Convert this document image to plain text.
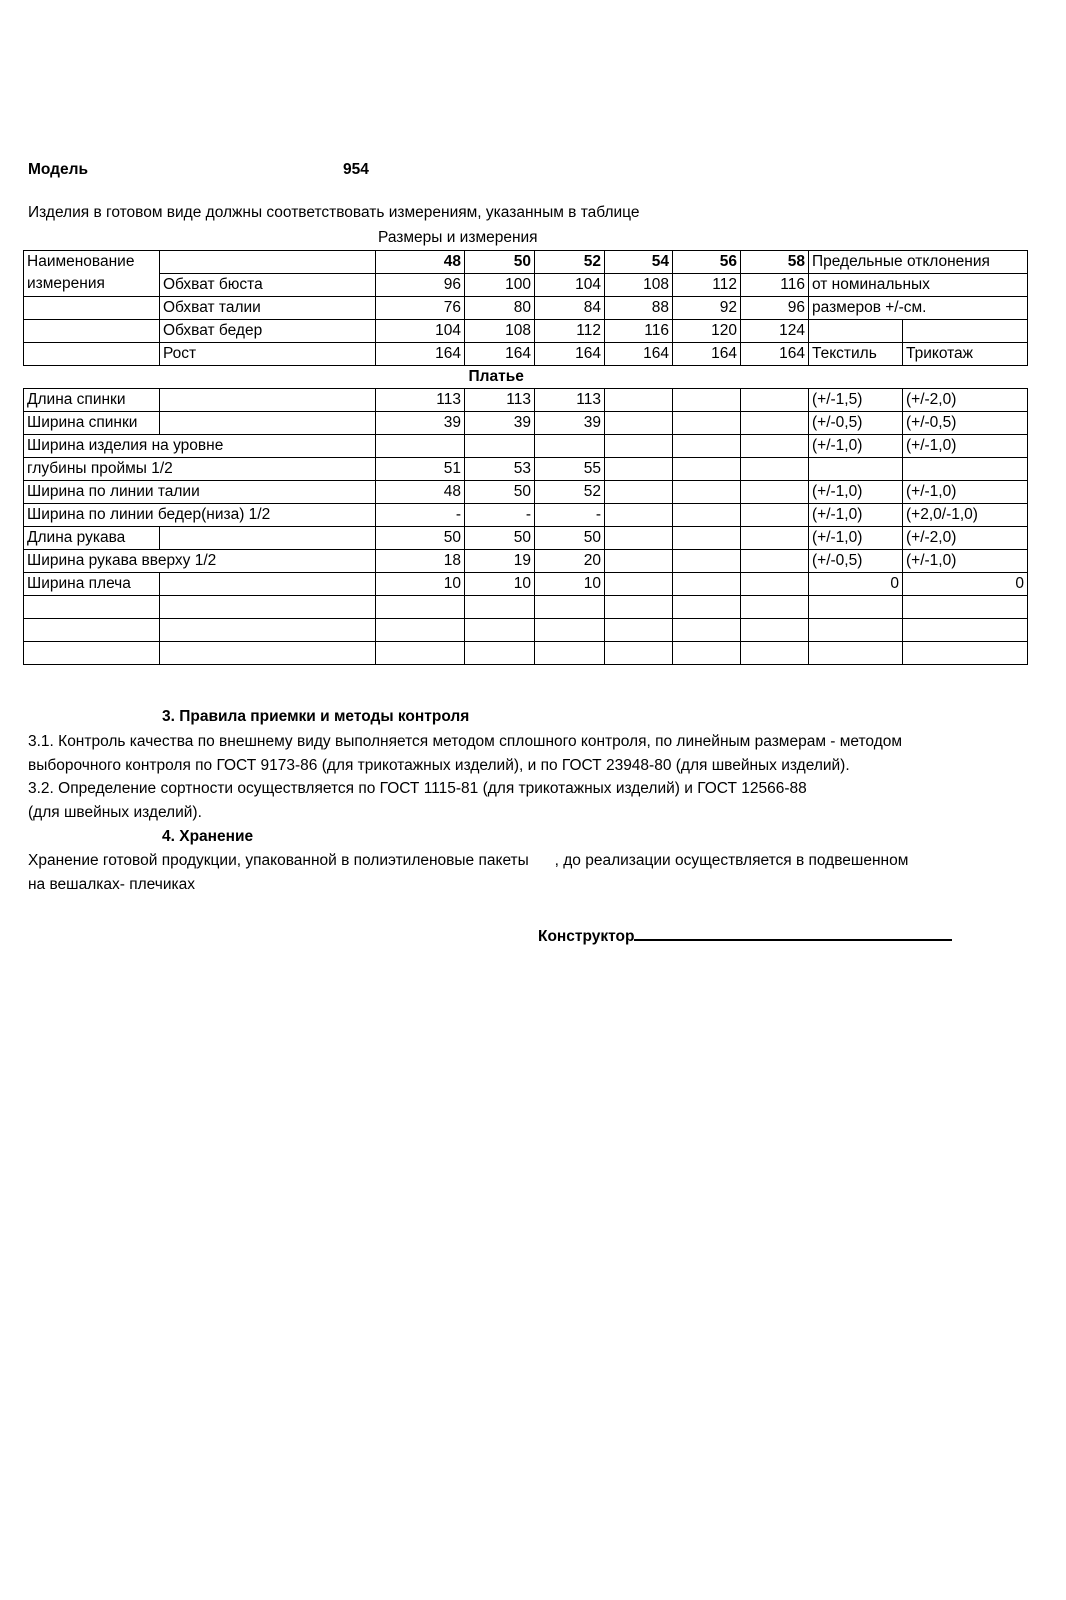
Модель	954
Изделия в готовом виде должны соответствовать измерениям, указанным в таблице

Наименование		48	50	52	54	56	58	Предельные отклонения	
измерения	Обхват бюста	96	100	104	108	112	116	от номинальных	
	Обхват талии	76	80	84	88	92	96	размеров +/-см.	
	Обхват бедер	104	108	112	116	120	124		
	Рост	164	164	164	164	164	164	Текстиль	Трикотаж
Платье									
Длина спинки		113	113	113				(+/-1,5)	(+/-2,0)
Ширина спинки		39	39	39				(+/-0,5)	(+/-0,5)
Ширина изделия на уровне								(+/-1,0)	(+/-1,0)
глубины проймы 1/2		51	53	55					
Ширина по линии талии		48	50	52				(+/-1,0)	(+/-1,0)
Ширина по линии бедер(низа) 1/2		-	-	-				(+/-1,0)	(+2,0/-1,0)
Длина рукава		50	50	50				(+/-1,0)	(+/-2,0)
Ширина рукава вверху 1/2		18	19	20				(+/-0,5)	(+/-1,0)
Ширина плеча		10	10	10				0	0

Размеры и измерения
3. Правила приемки и методы контроля
3.1. Контроль качества по внешнему виду выполняется методом сплошного контроля, по линейным размерам - методом
выборочного контроля по ГОСТ 9173-86 (для трикотажных изделий), и по ГОСТ 23948-80 (для швейных изделий).
3.2. Определение сортности осуществляется по ГОСТ 1115-81 (для трикотажных изделий) и ГОСТ 12566-88
(для швейных изделий).
4. Хранение
Хранение готовой продукции, упакованной в полиэтиленовые пакеты      , до реализации осуществляется в подвешенном
на вешалках- плечиках
Конструктор
